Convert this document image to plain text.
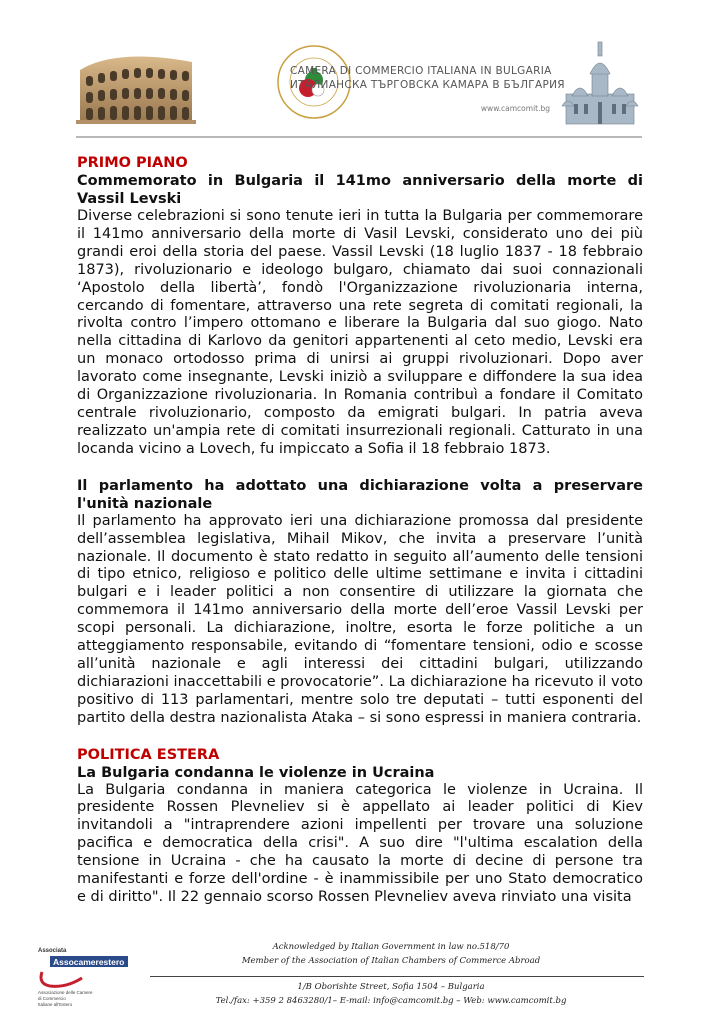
CAMERA DI COMMERCIO ITALIANA IN BULGARIA
ИТАЛИАНСКА ТЪРГОВСКА КАМАРА В БЪЛГАРИЯ
www.camcomit.bg
PRIMO PIANO
Commemorato in Bulgaria il 141mo anniversario della morte di Vassil Levski
Diverse celebrazioni si sono tenute ieri in tutta la Bulgaria per commemorare il 141mo anniversario della morte di Vasil Levski, considerato uno dei più grandi eroi della storia del paese. Vassil Levski (18 luglio 1837 - 18 febbraio 1873), rivoluzionario e ideologo bulgaro, chiamato dai suoi connazionali ‘Apostolo della libertà’, fondò l'Organizzazione rivoluzionaria interna, cercando di fomentare, attraverso una rete segreta di comitati regionali, la rivolta contro l’impero ottomano e liberare la Bulgaria dal suo giogo. Nato nella cittadina di Karlovo da genitori appartenenti al ceto medio, Levski era un monaco ortodosso prima di unirsi ai gruppi rivoluzionari. Dopo aver lavorato come insegnante, Levski iniziò a sviluppare e diffondere la sua idea di Organizzazione rivoluzionaria. In Romania contribuì a fondare il Comitato centrale rivoluzionario, composto da emigrati bulgari. In patria aveva realizzato un'ampia rete di comitati insurrezionali regionali. Catturato in una locanda vicino a Lovech, fu impiccato a Sofia il 18 febbraio 1873.
Il parlamento ha adottato una dichiarazione volta a preservare l'unità nazionale
Il parlamento ha approvato ieri una dichiarazione promossa dal presidente dell’assemblea legislativa, Mihail Mikov, che invita a preservare l’unità nazionale. Il documento è stato redatto in seguito all’aumento delle tensioni di tipo etnico, religioso e politico delle ultime settimane e invita i cittadini bulgari e i leader politici a non consentire di utilizzare la giornata che commemora il 141mo anniversario della morte dell’eroe Vassil Levski per scopi personali. La dichiarazione, inoltre, esorta le forze politiche a un atteggiamento responsabile, evitando di “fomentare tensioni, odio e scosse all’unità nazionale e agli interessi dei cittadini bulgari, utilizzando dichiarazioni inaccettabili e provocatorie”. La dichiarazione ha ricevuto il voto positivo di 113 parlamentari, mentre solo tre deputati – tutti esponenti del partito della destra nazionalista Ataka – si sono espressi in maniera contraria.
POLITICA ESTERA
La Bulgaria condanna le violenze in Ucraina
La Bulgaria condanna in maniera categorica le violenze in Ucraina. Il presidente Rossen Plevneliev si è appellato ai leader politici di Kiev invitandoli a "intraprendere azioni impellenti per trovare una soluzione pacifica e democratica della crisi". A suo dire "l'ultima escalation della tensione in Ucraina - che ha causato la morte di decine di persone tra manifestanti e forze dell'ordine - è inammissibile per uno Stato democratico e di diritto". Il 22 gennaio scorso Rossen Plevneliev aveva rinviato una visita
Associata
Assocamerestero
Associazione delle Camere
di Commercio
Italiane all'Estero
Acknowledged by Italian Government in law no.518/70
Member of the Association of Italian Chambers of Commerce Abroad
1/B Oborishte Street, Sofia 1504 – Bulgaria
Tel./fax: +359 2 8463280/1– E-mail: info@camcomit.bg – Web: www.camcomit.bg
